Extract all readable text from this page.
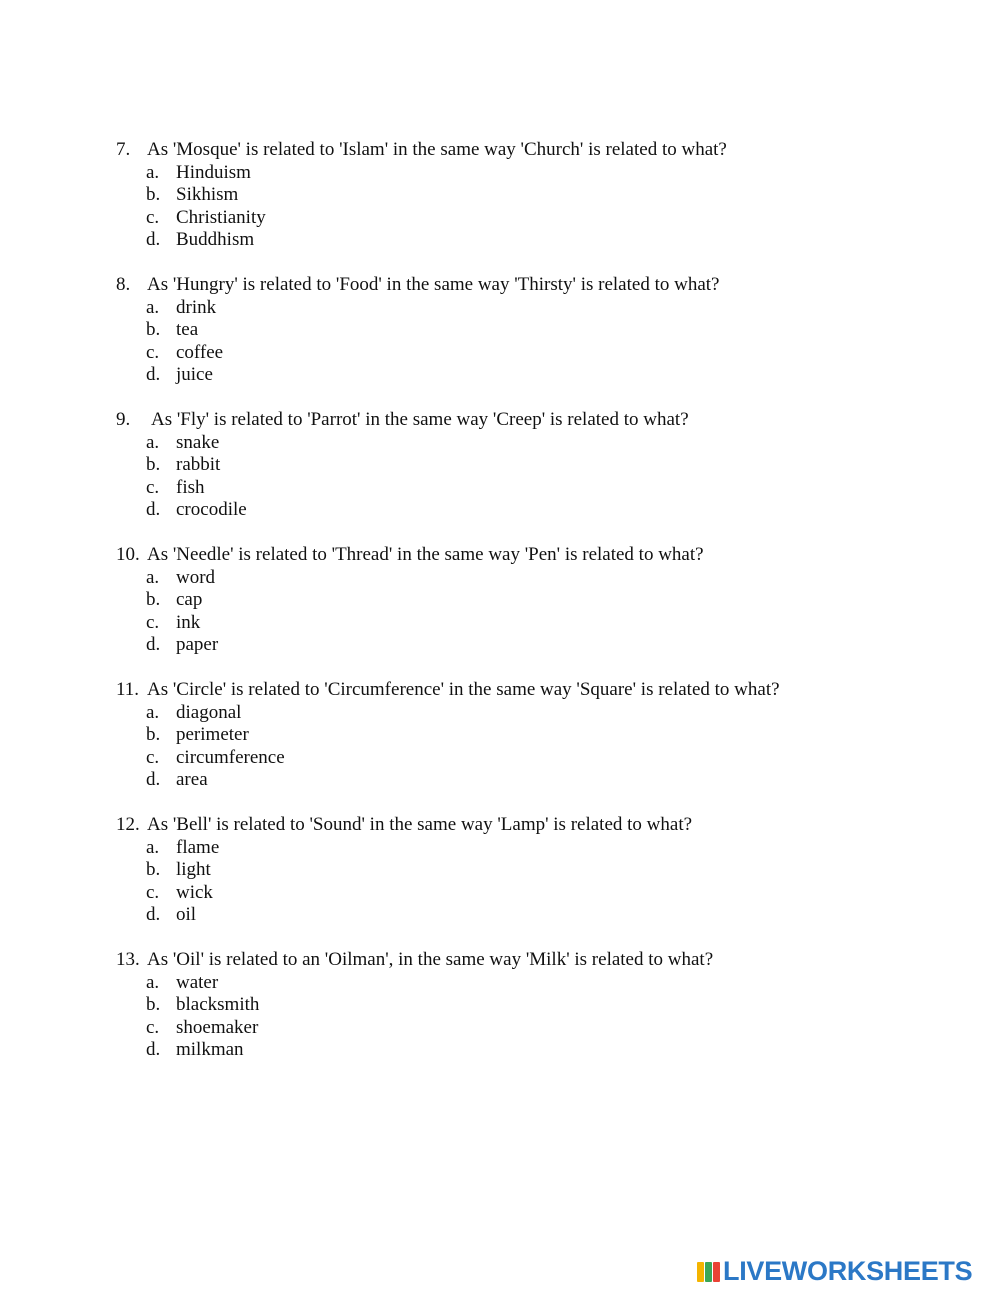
7. As 'Mosque' is related to 'Islam' in the same way 'Church' is related to what?
a. Hinduism
b. Sikhism
c. Christianity
d. Buddhism
8. As 'Hungry' is related to 'Food' in the same way 'Thirsty' is related to what?
a. drink
b. tea
c. coffee
d. juice
9. As 'Fly' is related to 'Parrot' in the same way 'Creep' is related to what?
a. snake
b. rabbit
c. fish
d. crocodile
10. As 'Needle' is related to 'Thread' in the same way 'Pen' is related to what?
a. word
b. cap
c. ink
d. paper
11. As 'Circle' is related to 'Circumference' in the same way 'Square' is related to what?
a. diagonal
b. perimeter
c. circumference
d. area
12. As 'Bell' is related to 'Sound' in the same way 'Lamp' is related to what?
a. flame
b. light
c. wick
d. oil
13. As 'Oil' is related to an 'Oilman', in the same way 'Milk' is related to what?
a. water
b. blacksmith
c. shoemaker
d. milkman
LIVEWORKSHEETS
